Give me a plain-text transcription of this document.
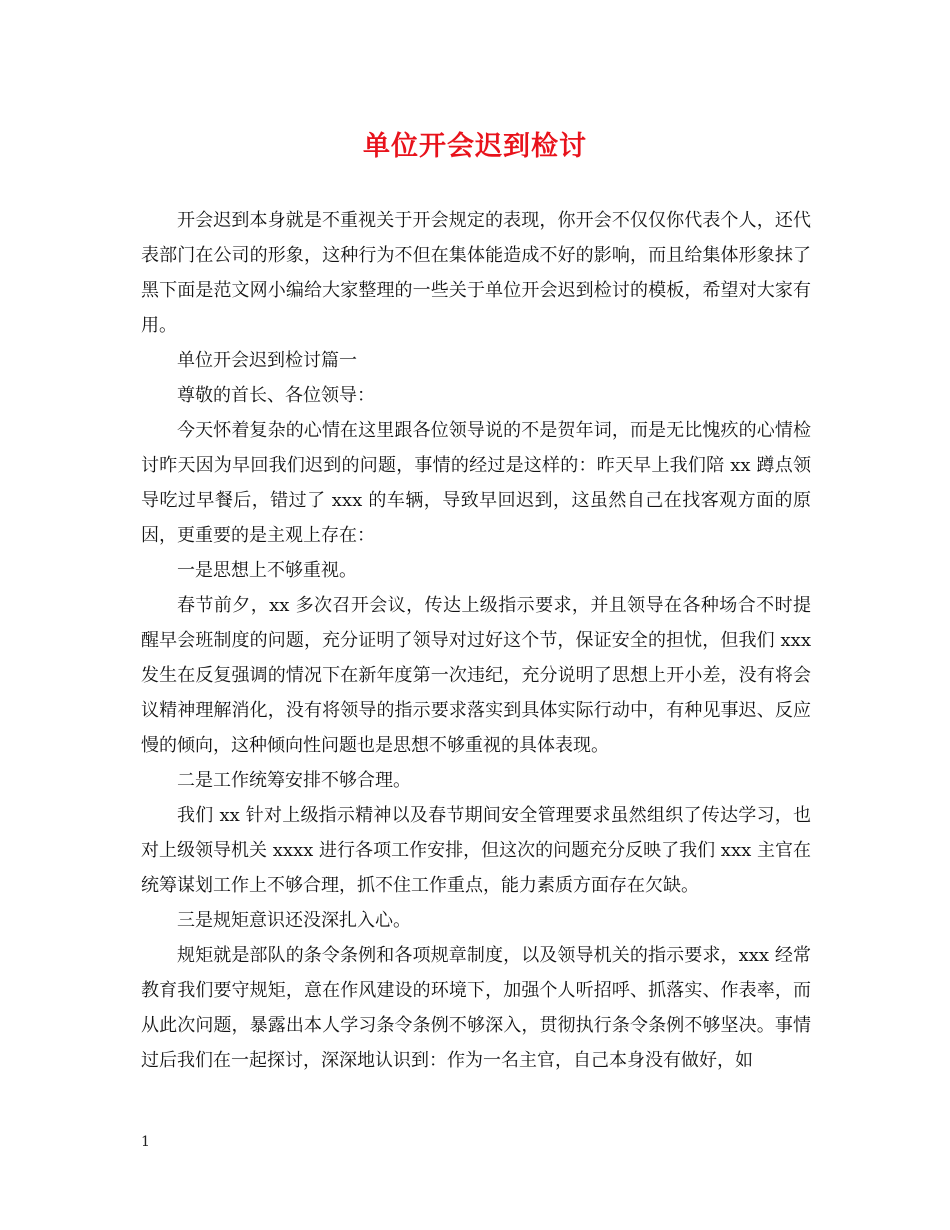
单位开会迟到检讨

开会迟到本身就是不重视关于开会规定的表现，你开会不仅仅你代表个人，还代表部门在公司的形象，这种行为不但在集体能造成不好的影响，而且给集体形象抹了黑下面是范文网小编给大家整理的一些关于单位开会迟到检讨的模板，希望对大家有用。

单位开会迟到检讨篇一

尊敬的首长、各位领导：

今天怀着复杂的心情在这里跟各位领导说的不是贺年词，而是无比愧疚的心情检讨昨天因为早回我们迟到的问题，事情的经过是这样的：昨天早上我们陪 xx 蹲点领导吃过早餐后，错过了 xxx 的车辆，导致早回迟到，这虽然自己在找客观方面的原因，更重要的是主观上存在：

一是思想上不够重视。

春节前夕，xx 多次召开会议，传达上级指示要求，并且领导在各种场合不时提醒早会班制度的问题，充分证明了领导对过好这个节，保证安全的担忧，但我们 xxx 发生在反复强调的情况下在新年度第一次违纪，充分说明了思想上开小差，没有将会议精神理解消化，没有将领导的指示要求落实到具体实际行动中，有种见事迟、反应慢的倾向，这种倾向性问题也是思想不够重视的具体表现。

二是工作统筹安排不够合理。

我们 xx 针对上级指示精神以及春节期间安全管理要求虽然组织了传达学习，也对上级领导机关 xxxx 进行各项工作安排，但这次的问题充分反映了我们 xxx 主官在统筹谋划工作上不够合理，抓不住工作重点，能力素质方面存在欠缺。

三是规矩意识还没深扎入心。

规矩就是部队的条令条例和各项规章制度，以及领导机关的指示要求，xxx 经常教育我们要守规矩，意在作风建设的环境下，加强个人听招呼、抓落实、作表率，而从此次问题，暴露出本人学习条令条例不够深入，贯彻执行条令条例不够坚决。事情过后我们在一起探讨，深深地认识到：作为一名主官，自己本身没有做好，如

1
